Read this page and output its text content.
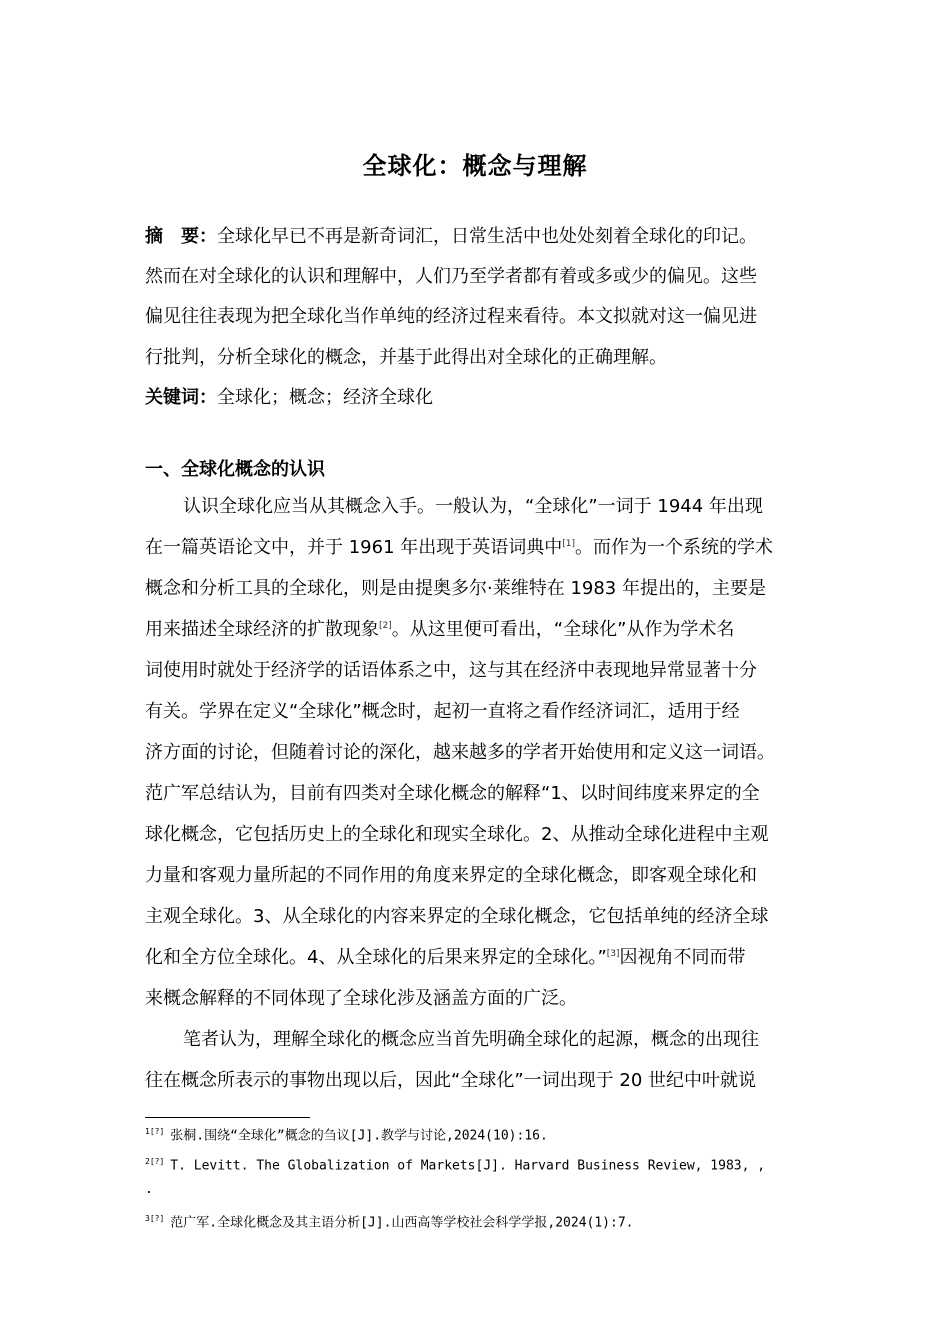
全球化：概念与理解
摘　要：全球化早已不再是新奇词汇，日常生活中也处处刻着全球化的印记。
然而在对全球化的认识和理解中，人们乃至学者都有着或多或少的偏见。这些
偏见往往表现为把全球化当作单纯的经济过程来看待。本文拟就对这一偏见进
行批判，分析全球化的概念，并基于此得出对全球化的正确理解。
关键词：全球化；概念；经济全球化
一、全球化概念的认识
认识全球化应当从其概念入手。一般认为，“全球化”一词于 1944 年出现
在一篇英语论文中，并于 1961 年出现于英语词典中[1]。而作为一个系统的学术
概念和分析工具的全球化，则是由提奥多尔·莱维特在 1983 年提出的，主要是
用来描述全球经济的扩散现象[2]。从这里便可看出，“全球化”从作为学术名
词使用时就处于经济学的话语体系之中，这与其在经济中表现地异常显著十分
有关。学界在定义“全球化”概念时，起初一直将之看作经济词汇，适用于经
济方面的讨论，但随着讨论的深化，越来越多的学者开始使用和定义这一词语。
范广军总结认为，目前有四类对全球化概念的解释“1、以时间纬度来界定的全
球化概念，它包括历史上的全球化和现实全球化。2、从推动全球化进程中主观
力量和客观力量所起的不同作用的角度来界定的全球化概念，即客观全球化和
主观全球化。3、从全球化的内容来界定的全球化概念，它包括单纯的经济全球
化和全方位全球化。4、从全球化的后果来界定的全球化。”[3]因视角不同而带
来概念解释的不同体现了全球化涉及涵盖方面的广泛。
笔者认为，理解全球化的概念应当首先明确全球化的起源，概念的出现往
往在概念所表示的事物出现以后，因此“全球化”一词出现于 20 世纪中叶就说
$^{1[?]}$ 张桐.围绕“全球化”概念的刍议[J].教学与讨论,2024(10):16.
$^{2[?]}$ T. Levitt. The Globalization of Markets[J]. Harvard Business Review, 1983, ,
.
$^{3[?]}$ 范广军.全球化概念及其主语分析[J].山西高等学校社会科学学报,2024(1):7.
